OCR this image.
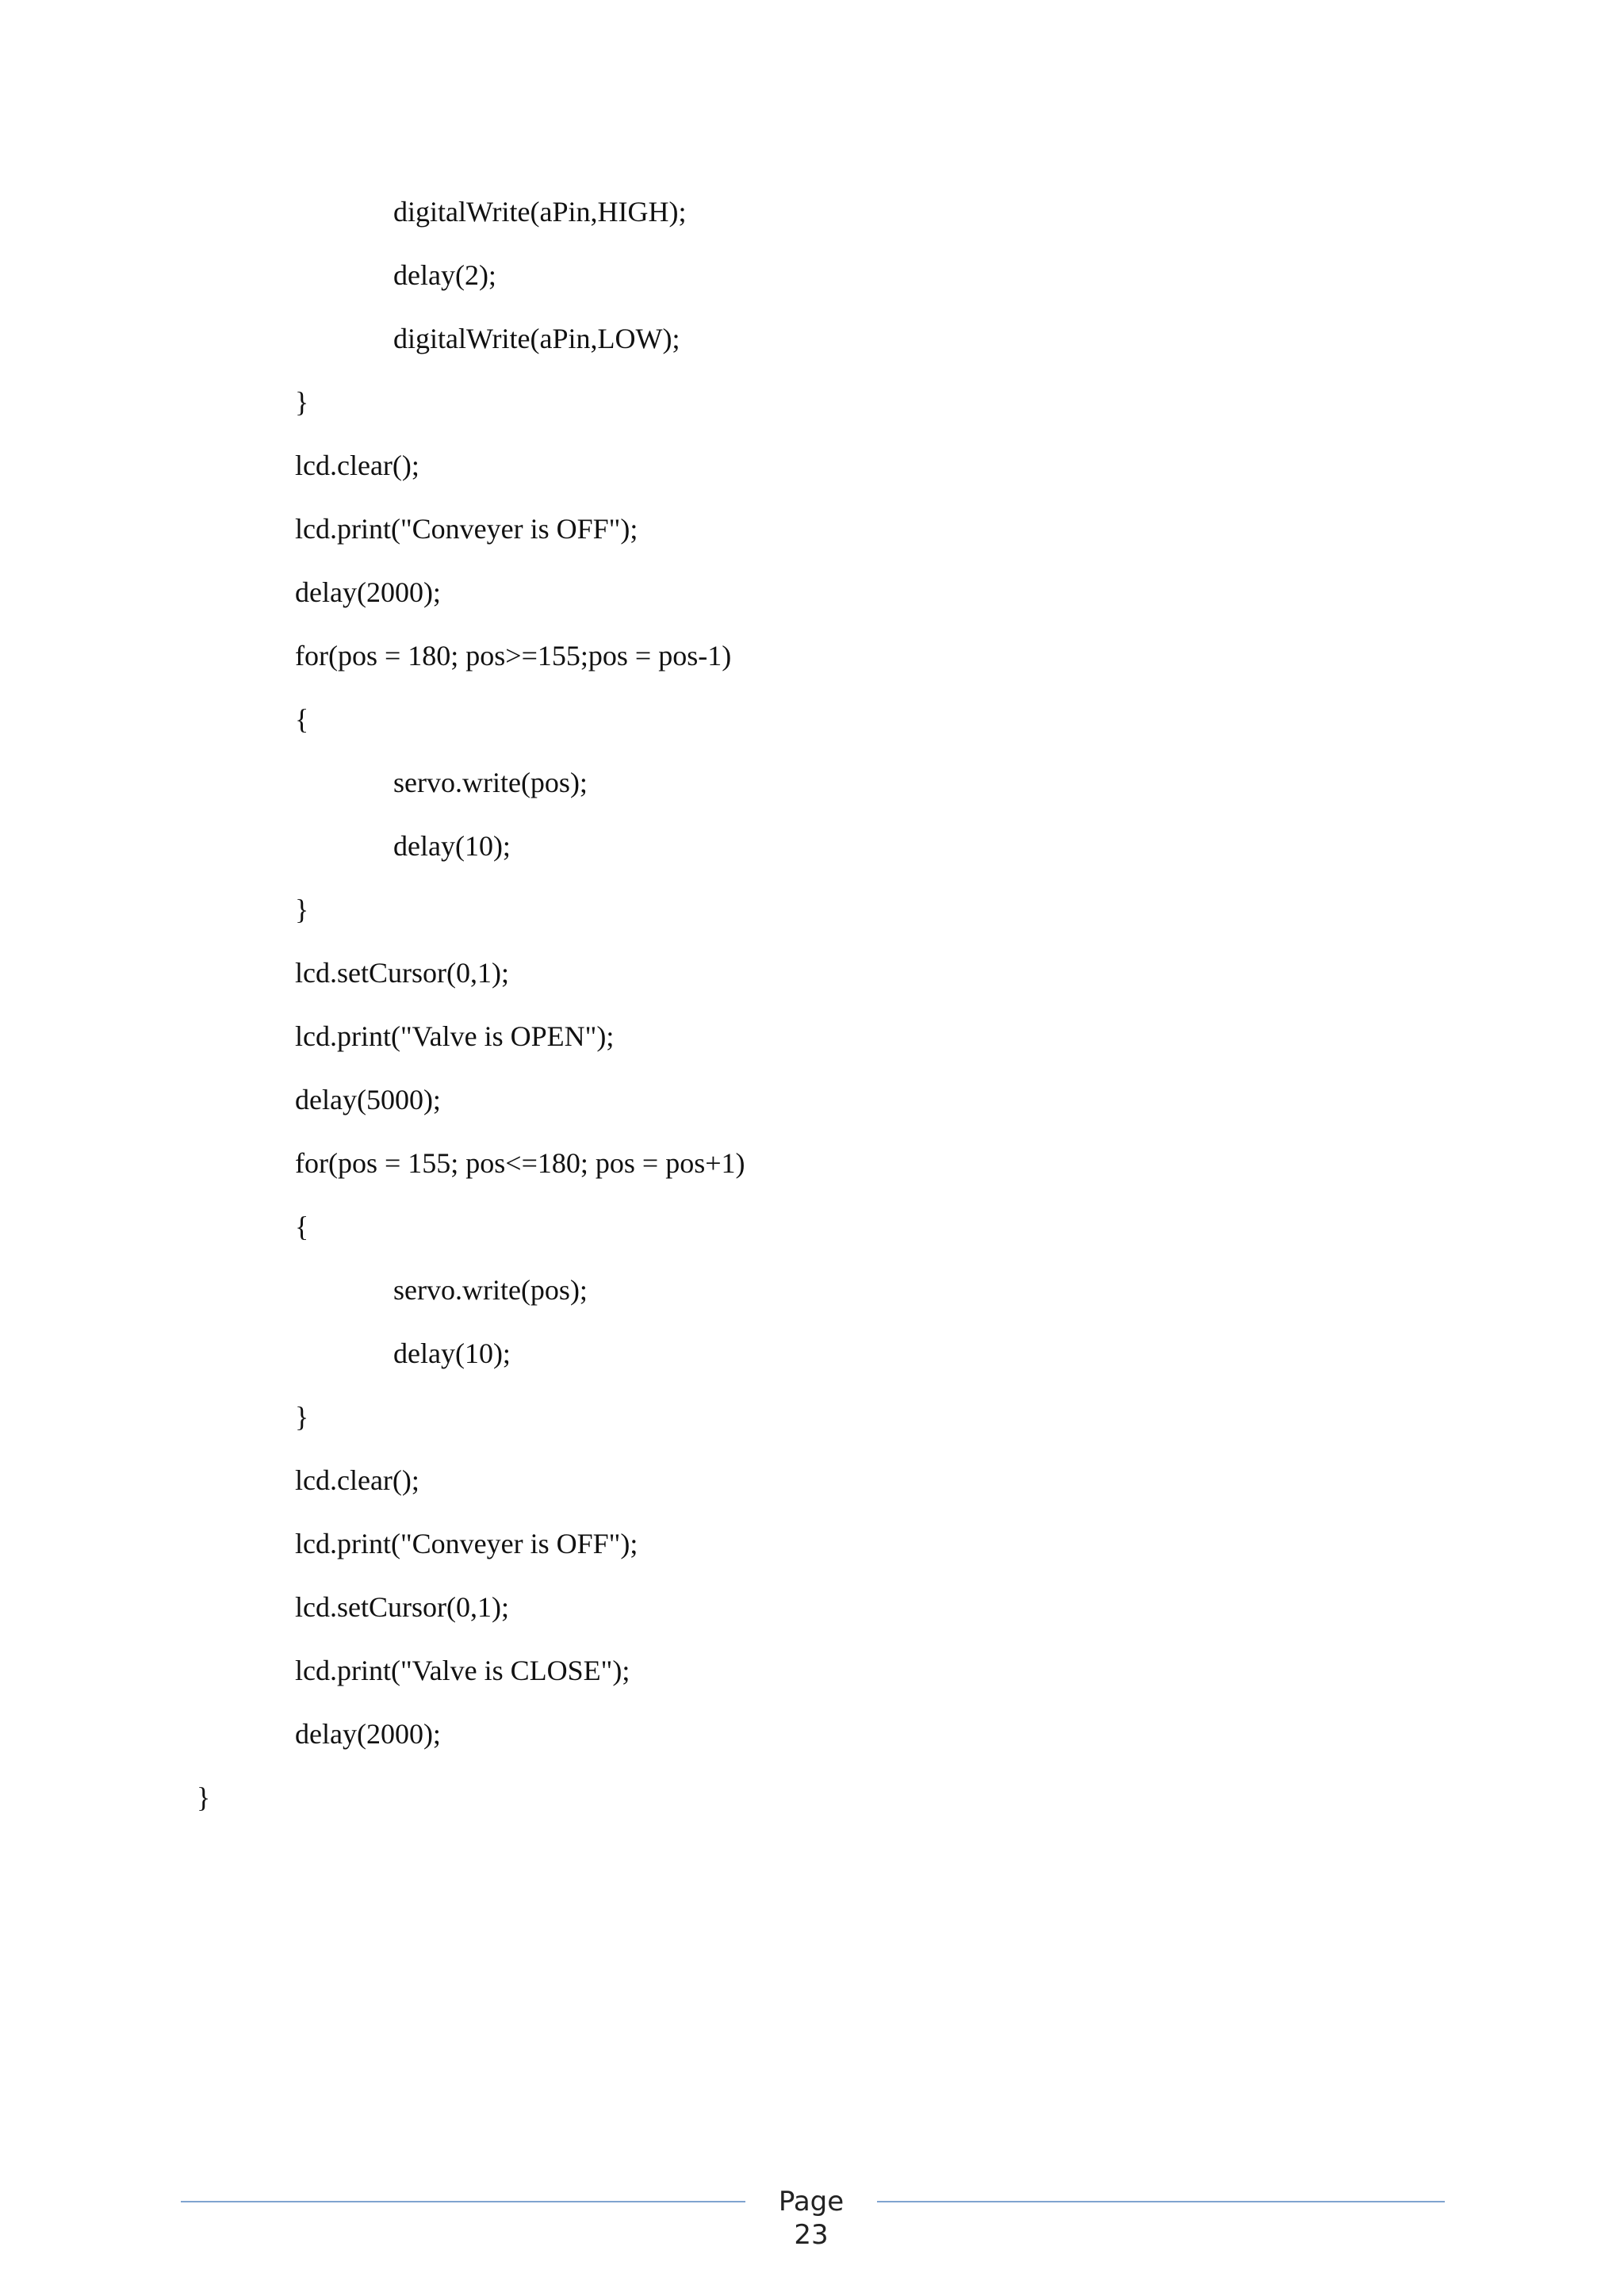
digitalWrite(aPin,HIGH);
delay(2);
digitalWrite(aPin,LOW);
}
lcd.clear();
lcd.print("Conveyer is OFF");
delay(2000);
for(pos = 180; pos>=155;pos = pos-1)
{
servo.write(pos);
delay(10);
}
lcd.setCursor(0,1);
lcd.print("Valve is OPEN");
delay(5000);
for(pos = 155; pos<=180; pos = pos+1)
{
servo.write(pos);
delay(10);
}
lcd.clear();
lcd.print("Conveyer is OFF");
lcd.setCursor(0,1);
lcd.print("Valve is CLOSE");
delay(2000);
}
Page 23
